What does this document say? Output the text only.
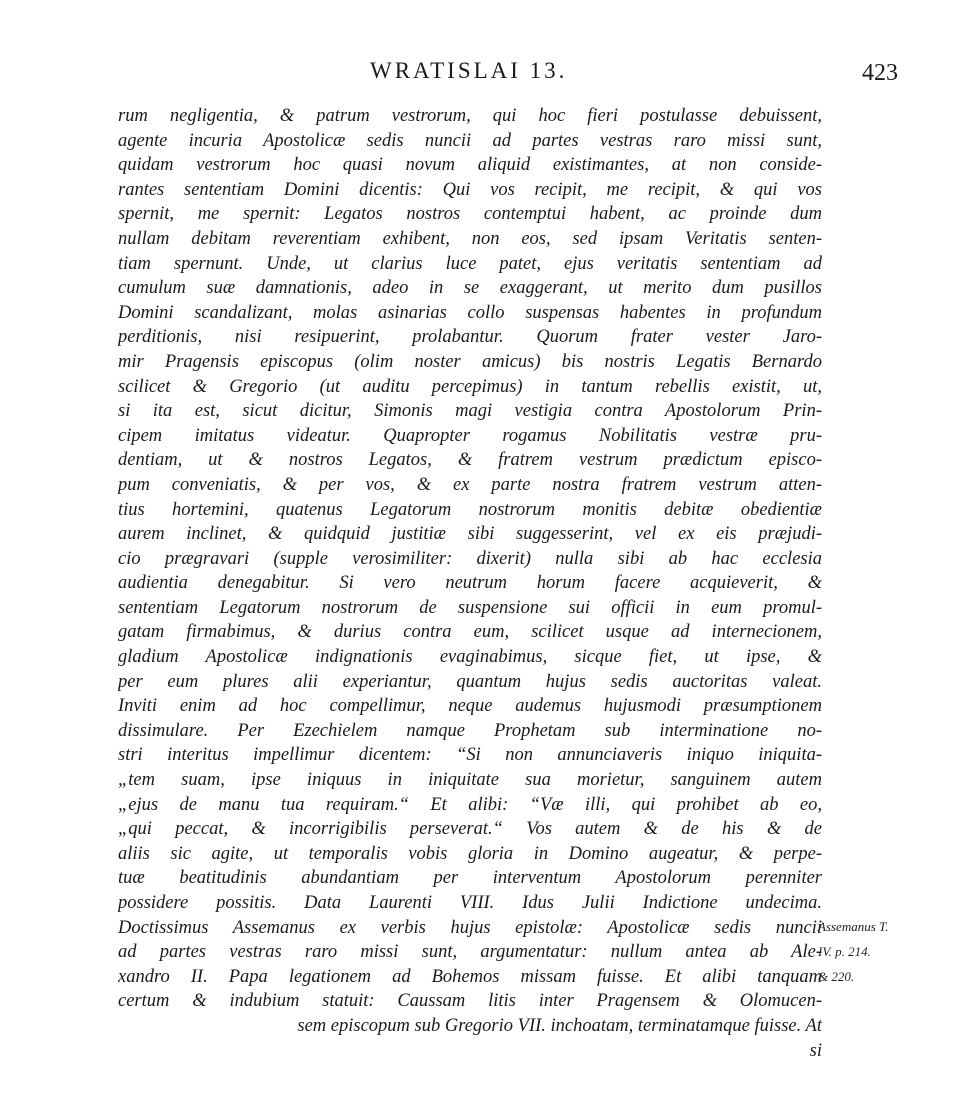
WRATISLAI 13.	423
rum negligentia, & patrum vestrorum, qui hoc fieri postulasse debuissent,
agente incuria Apostolicæ sedis nuncii ad partes vestras raro missi sunt,
quidam vestrorum hoc quasi novum aliquid existimantes, at non conside-
rantes sententiam Domini dicentis: Qui vos recipit, me recipit, & qui vos
spernit, me spernit: Legatos nostros contemptui habent, ac proinde dum
nullam debitam reverentiam exhibent, non eos, sed ipsam Veritatis senten-
tiam spernunt. Unde, ut clarius luce patet, ejus veritatis sententiam ad
cumulum suæ damnationis, adeo in se exaggerant, ut merito dum pusillos
Domini scandalizant, molas asinarias collo suspensas habentes in profundum
perditionis, nisi resipuerint, prolabantur. Quorum frater vester Jaro-
mir Pragensis episcopus (olim noster amicus) bis nostris Legatis Bernardo
scilicet & Gregorio (ut auditu percepimus) in tantum rebellis existit, ut,
si ita est, sicut dicitur, Simonis magi vestigia contra Apostolorum Prin-
cipem imitatus videatur. Quapropter rogamus Nobilitatis vestræ pru-
dentiam, ut & nostros Legatos, & fratrem vestrum prædictum episco-
pum conveniatis, & per vos, & ex parte nostra fratrem vestrum atten-
tius hortemini, quatenus Legatorum nostrorum monitis debitæ obedientiæ
aurem inclinet, & quidquid justitiæ sibi suggesserint, vel ex eis præjudi-
cio prægravari (supple verosimiliter: dixerit) nulla sibi ab hac ecclesia
audientia denegabitur. Si vero neutrum horum facere acquieverit, &
sententiam Legatorum nostrorum de suspensione sui officii in eum promul-
gatam firmabimus, & durius contra eum, scilicet usque ad internecionem,
gladium Apostolicæ indignationis evaginabimus, sicque fiet, ut ipse, &
per eum plures alii experiantur, quantum hujus sedis auctoritas valeat.
Inviti enim ad hoc compellimur, neque audemus hujusmodi præsumptionem
dissimulare. Per Ezechielem namque Prophetam sub interminatione no-
stri interitus impellimur dicentem: “Si non annunciaveris iniquo iniquita-
„tem suam, ipse iniquus in iniquitate sua morietur, sanguinem autem
„ejus de manu tua requiram.“ Et alibi: “Væ illi, qui prohibet ab eo,
„qui peccat, & incorrigibilis perseverat.“ Vos autem & de his & de
aliis sic agite, ut temporalis vobis gloria in Domino augeatur, & perpe-
tuæ beatitudinis abundantiam per interventum Apostolorum perenniter
possidere possitis. Data Laurenti VIII. Idus Julii Indictione undecima.
Doctissimus Assemanus ex verbis hujus epistolæ: Apostolicæ sedis nuncii
ad partes vestras raro missi sunt, argumentatur: nullum antea ab Ale-
xandro II. Papa legationem ad Bohemos missam fuisse. Et alibi tanquam
certum & indubium statuit: Caussam litis inter Pragensem & Olomucen-
sem episcopum sub Gregorio VII. inchoatam, terminatamque fuisse. At
si
Assemanus T.
IV. p. 214.
& 220.
